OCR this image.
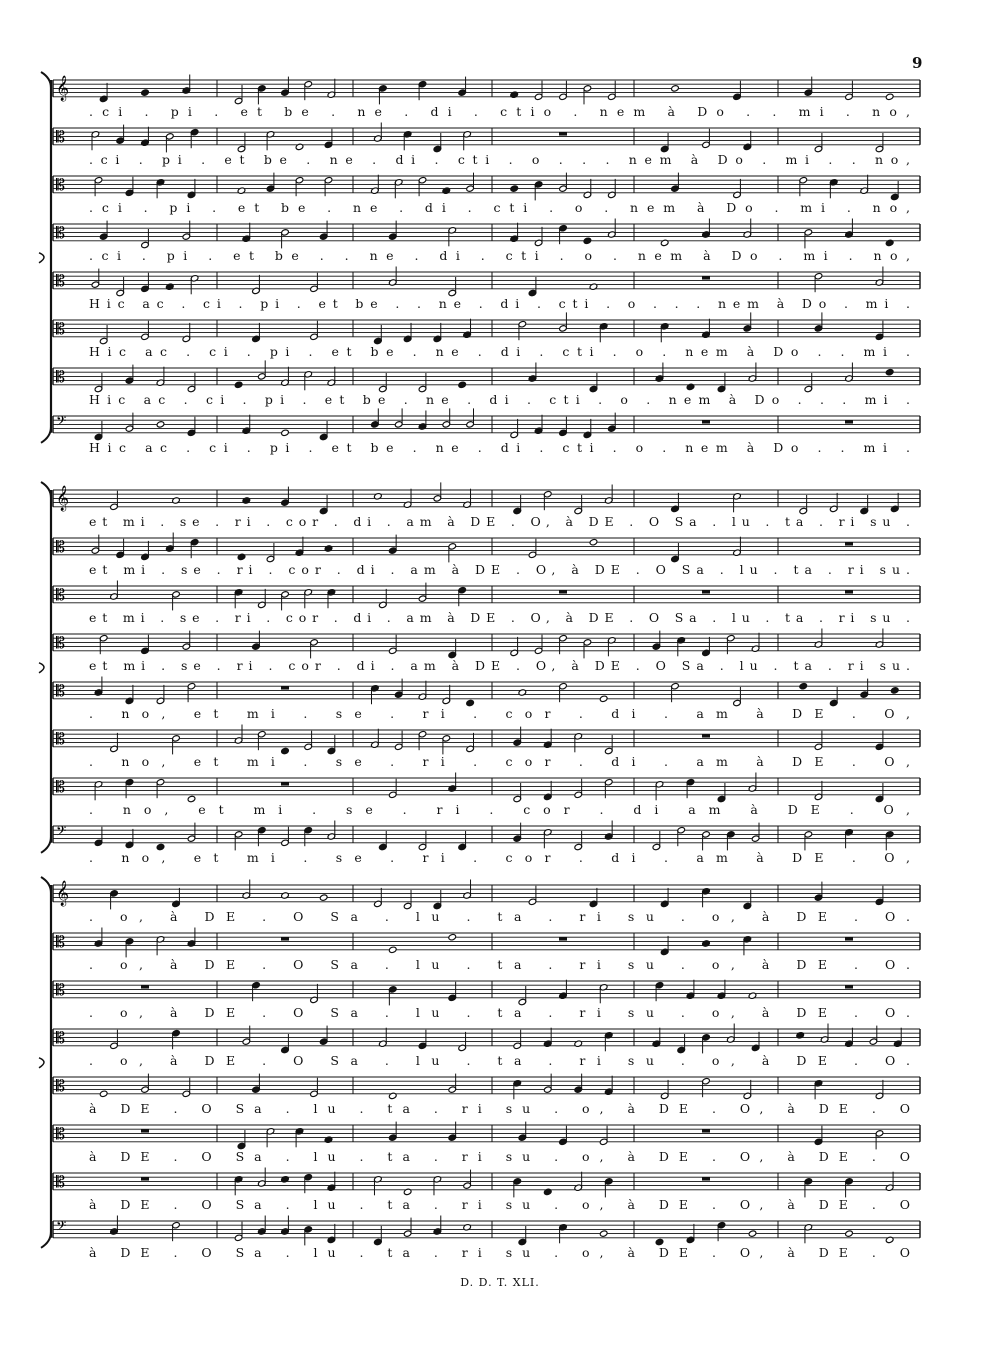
9
𝄞
.ci . pi . et be . ne . di . ctio . nem à Do . . mi . no,
𝄡
.ci . pi . et be . ne . di . cti . o . . . nem à Do . mi . . no,
𝄡
.ci . pi . et be . ne . di . cti . o . nem à Do . mi . no,
𝄡
.ci . pi . et be . . ne . di . cti . o . nem à Do . mi . no,
𝄡
Hic ac . ci . pi . et be . . ne . di . cti . o . . . nem à Do . mi .
𝄡
Hic ac . ci . pi . et be . ne . di . cti . o . nem à Do . . mi .
𝄡
Hic ac . ci . pi . et be . ne . di . cti . o . nem à Do . . . mi .
𝄢
Hic ac . ci . pi . et be . ne . di . cti . o . nem à Do . . mi .
𝄞
et mi . se . ri . cor . di . am à DE . O, à DE . O Sa . lu . ta . ri su .
𝄡
et mi . se . ri . cor . di . am à DE . O, à DE . O Sa . lu . ta . ri su.
𝄡
et mi . se . ri . cor . di . am à DE . O, à DE . O Sa . lu . ta . ri su .
𝄡
et mi . se . ri . cor . di . am à DE . O, à DE . O Sa . lu . ta . ri su.
𝄡
. no, et mi . se . ri . cor . di . am à DE . O,
𝄡
. no, et mi . se . ri . cor . di . am à DE . O,
𝄡
. no, et mi . se . ri . cor . di am à DE . O,
𝄢
. no, et mi . se . ri . cor . di . am à DE . O,
𝄞
. o, à DE . O Sa . lu . ta . ri su . o, à DE . O.
𝄡
. o, à DE . O Sa . lu . ta . ri su . o, à DE . O.
𝄡
. o, à DE . O Sa . lu . ta . ri su . o, à DE . O.
𝄡
. o, à DE . O Sa . lu . ta . ri su . o, à DE . O.
𝄡
à DE . O Sa . lu . ta . ri su . o, à DE . O, à DE . O
𝄡
à DE . O Sa . lu . ta . ri su . o, à DE . O, à DE . O
𝄡
à DE . O Sa . lu . ta . ri su . o, à DE . O, à DE . O
𝄢
à DE . O Sa . lu . ta . ri su . o, à DE . O, à DE . O
D. D. T. XLI.
